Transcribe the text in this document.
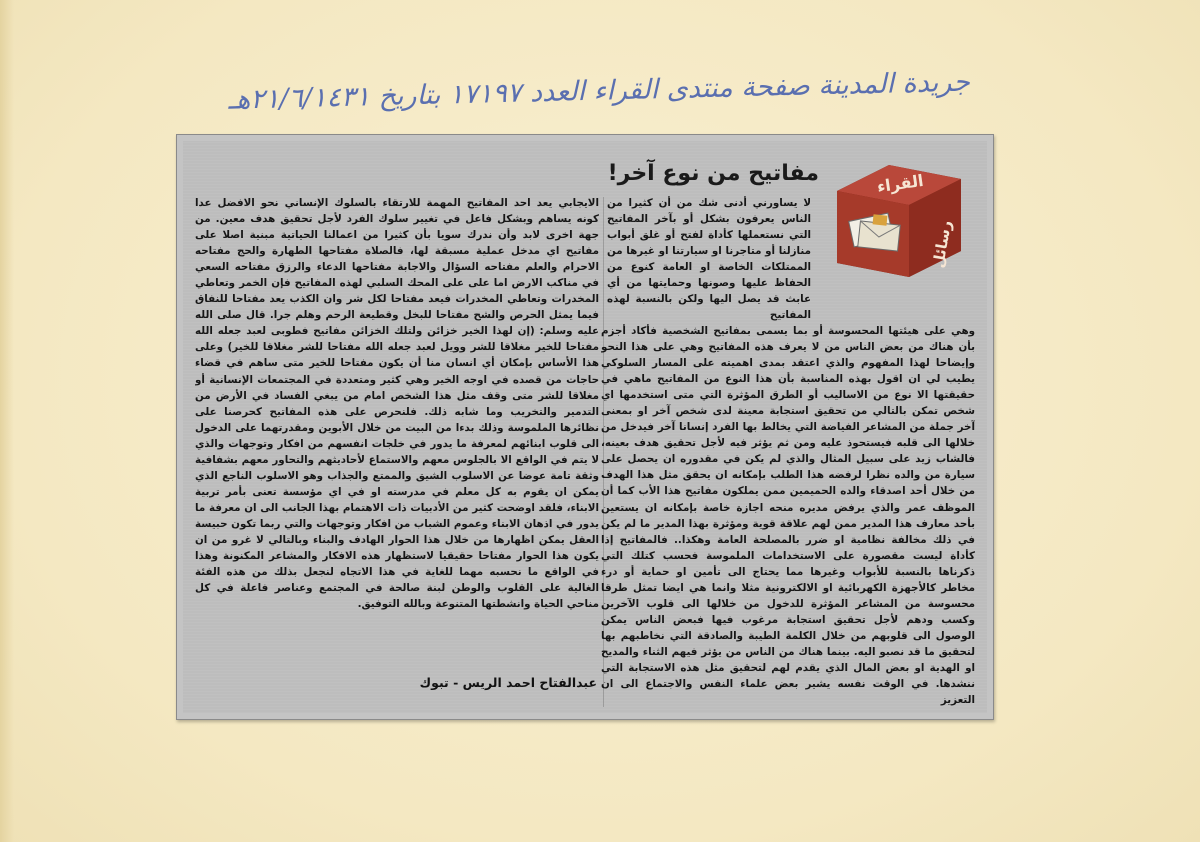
جريدة المدينة صفحة منتدى القراء العدد ١٧١٩٧ بتاريخ ٢١/٦/١٤٣١هـ
القراء
رسائل
مفاتيح من نوع آخر!

لا يساورني أدنى شك من أن كثيرا من الناس يعرفون بشكل أو بآخر المفاتيح التي نستعملها كأداة لفتح أو غلق أبواب منازلنا أو متاجرنا او سيارتنا او غيرها من الممتلكات الخاصة او العامة كنوع من الحفاظ عليها وصونها وحمايتها من أي عابث قد يصل اليها ولكن بالنسبة لهذه المفاتيح

وهي على هيئتها المحسوسة أو بما يسمى بمفاتيح الشخصية فأكاد أجزم بأن هناك من بعض الناس من لا يعرف هذه المفاتيح وهي على هذا النحو وإيضاحا لهذا المفهوم والذي اعتقد بمدى اهميته على المسار السلوكي يطيب لي ان اقول بهذه المناسبة بأن هذا النوع من المفاتيح ماهي في حقيقتها الا نوع من الاساليب أو الطرق المؤثرة التي متى استخدمها اي شخص تمكن بالتالي من تحقيق استجابة معينة لدى شخص آخر او بمعنى آخر جملة من المشاعر الفياضة التي يخالط بها الفرد إنسانا آخر فيدخل من خلالها الى قلبه فيستحوذ عليه ومن ثم يؤثر فيه لأجل تحقيق هدف بعينه، فالشاب زيد على سبيل المثال والذي لم يكن في مقدوره ان يحصل على سيارة من والده نظرا لرفضه هذا الطلب بإمكانه ان يحقق مثل هذا الهدف من خلال أحد اصدقاء والده الحميمين ممن يملكون مفاتيح هذا الأب كما أن الموظف عمر والذي يرفض مديره منحه اجازة خاصة بإمكانه ان يستعين بأحد معارف هذا المدير ممن لهم علاقة قوية ومؤثرة بهذا المدير ما لم يكن في ذلك مخالفة نظامية او ضرر بالمصلحة العامة وهكذا.. فالمفاتيح إذا كأداة ليست مقصورة على الاستخدامات الملموسة فحسب كتلك التي ذكرناها بالنسبة للأبواب وغيرها مما يحتاج الى تأمين او حماية أو درء مخاطر كالأجهزة الكهربائية او الالكترونية مثلا وانما هي ايضا تمثل طرقا محسوسة من المشاعر المؤثرة للدخول من خلالها الى قلوب الآخرين وكسب ودهم لأجل تحقيق استجابة مرغوب فيها فبعض الناس يمكن الوصول الى قلوبهم من خلال الكلمة الطيبة والصادقة التي نخاطبهم بها لتحقيق ما قد نصبو اليه. بينما هناك من الناس من يؤثر فيهم الثناء والمديح او الهدية او بعض المال الذي يقدم لهم لتحقيق مثل هذه الاستجابة التي ننشدها. في الوقت نفسه يشير بعض علماء النفس والاجتماع الى ان التعزيز

الايجابي يعد احد المفاتيح المهمة للارتقاء بالسلوك الإنساني نحو الافضل عدا كونه يساهم وبشكل فاعل في تغيير سلوك الفرد لأجل تحقيق هدف معين. من جهة اخرى لابد وأن ندرك سويا بأن كثيرا من اعمالنا الحياتية مبنية اصلا على مفاتيح اي مدخل عملية مسبقة لها، فالصلاة مفتاحها الطهارة والحج مفتاحه الاحرام والعلم مفتاحه السؤال والاجابة مفتاحها الدعاء والرزق مفتاحه السعي في مناكب الارض اما على على المحك السلبي لهذه المفاتيح فإن الخمر وتعاطي المخدرات وتعاطي المخدرات فيعد مفتاحا لكل شر وان الكذب يعد مفتاحا للنفاق فيما يمثل الحرص والشح مفتاحا للبخل وقطيعة الرحم وهلم جرا. قال صلى الله عليه وسلم: (إن لهذا الخير خزائن ولتلك الخزائن مفاتيح فطوبى لعبد جعله الله مفتاحا للخير مغلاقا للشر وويل لعبد جعله الله مفتاحا للشر مغلاقا للخير) وعلى هذا الأساس بإمكان أي انسان منا أن يكون مفتاحا للخير متى ساهم في قضاء حاجات من قصده في اوجه الخير وهي كثير ومتعددة في المجتمعات الإنسانية أو مغلاقا للشر متى وقف مثل هذا الشخص امام من يبغي الفساد في الأرض من التدمير والتخريب وما شابه ذلك. فلنحرص على هذه المفاتيح كحرصنا على نظائرها الملموسة وذلك بدءا من البيت من خلال الأبوين ومقدرتهما على الدخول الى قلوب ابنائهم لمعرفة ما يدور في خلجات انفسهم من افكار وتوجهات والذي لا يتم في الواقع الا بالجلوس معهم والاستماع لأحاديثهم والتحاور معهم بشفافية وثقة تامة عوضا عن الاسلوب الشيق والممتع والجذاب وهو الاسلوب الناجع الذي يمكن ان يقوم به كل معلم في مدرسته او في اي مؤسسة تعنى بأمر تربية الابناء، فلقد اوضحت كثير من الأدبيات ذات الاهتمام بهذا الجانب الى ان معرفة ما يدور في اذهان الابناء وعموم الشباب من افكار وتوجهات والتي ربما تكون حبيسة العقل يمكن اظهارها من خلال هذا الحوار الهادف والبناء وبالتالي لا غرو من ان يكون هذا الحوار مفتاحا حقيقيا لاستظهار هذه الافكار والمشاعر المكنونة وهذا في الواقع ما نحسبه مهما للغاية في هذا الاتجاه لنجعل بذلك من هذه الفئة الغالية على القلوب والوطن لبنة صالحة في المجتمع وعناصر فاعلة في كل مناحي الحياة وانشطتها المتنوعة وبالله التوفيق.

عبدالفتاح احمد الريس - تبوك
